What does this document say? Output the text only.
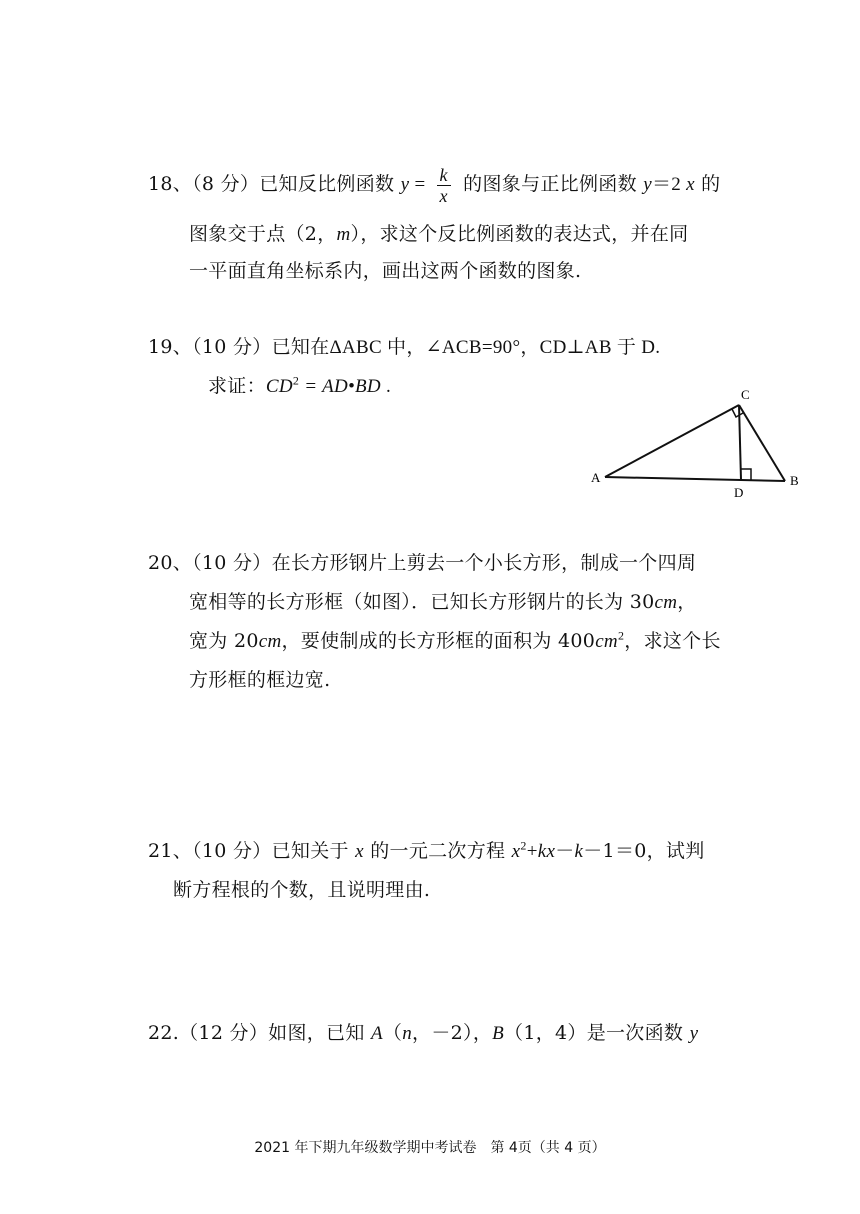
18、（8 分）已知反比例函数 $y = \frac{k}{x}$ 的图象与正比例函数 y＝2 x 的
图象交于点（2，m），求这个反比例函数的表达式，并在同
一平面直角坐标系内，画出这两个函数的图象.
19、（10 分）已知在ΔABC 中，∠ACB=90°，CD⊥AB 于 D.
求证：$CD^2$ = AD•BD .
A	B
C
D
20、（10 分）在长方形钢片上剪去一个小长方形，制成一个四周
宽相等的长方形框（如图）．已知长方形钢片的长为 30cm，
宽为 20cm，要使制成的长方形框的面积为 $400cm^2$，求这个长
方形框的框边宽.
21、（10 分）已知关于 x 的一元二次方程 $x^2+kx-k-1=0$，试判
断方程根的个数，且说明理由.
22.（12 分）如图，已知 A（n，－2），B（1，4）是一次函数 y
2021 年下期九年级数学期中考试卷　第 4页（共 4 页）
